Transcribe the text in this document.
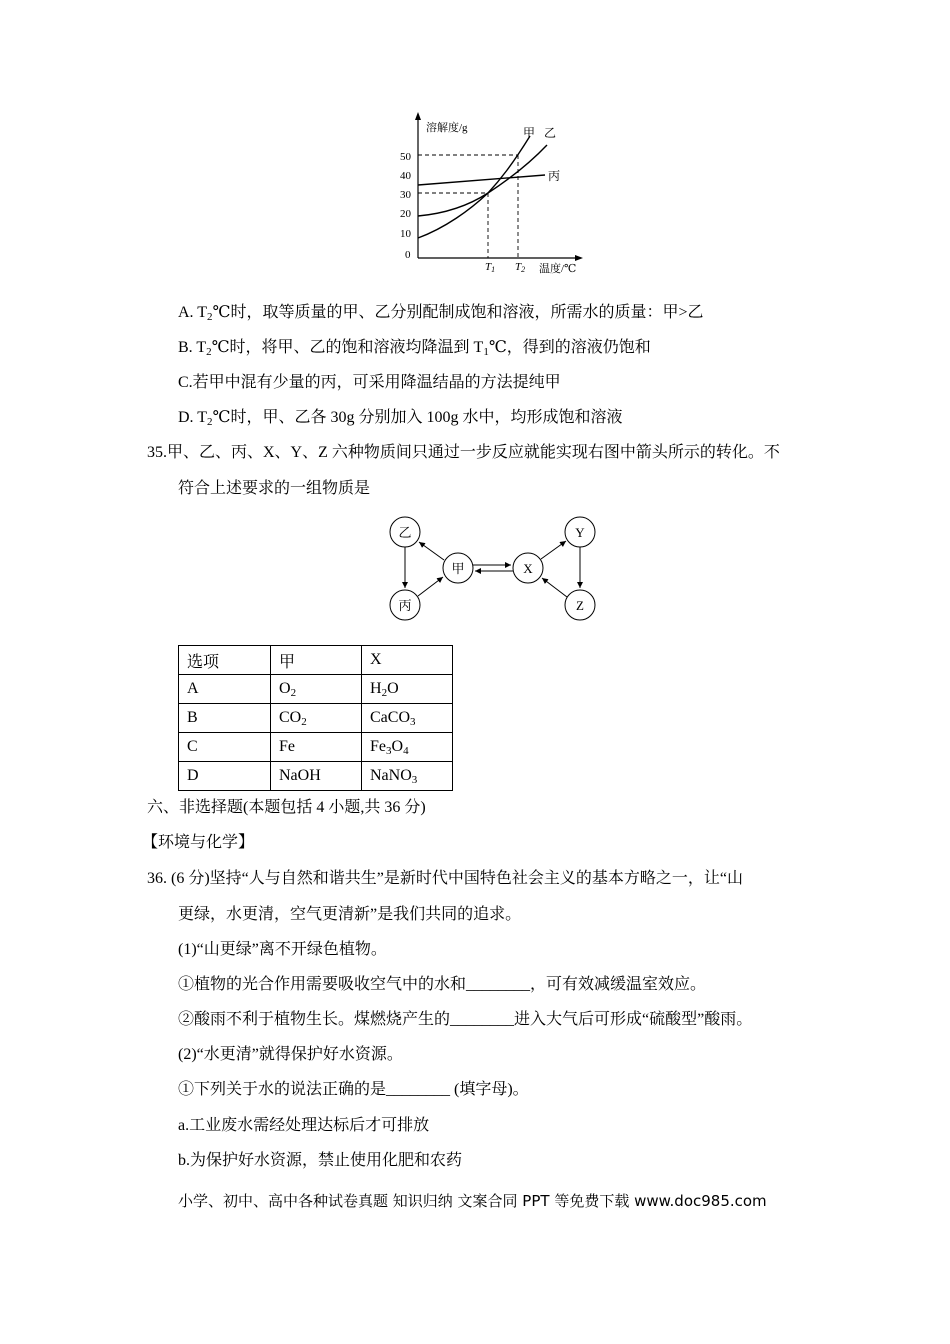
溶解度/g
温度/℃
50
40
30
20
10
0
甲 乙
丙
T1 T2
A. $T_2℃$时，取等质量的甲、乙分别配制成饱和溶液，所需水的质量：甲>乙
B. $T_2℃$时，将甲、乙的饱和溶液均降温到 $T_1℃$，得到的溶液仍饱和
C.若甲中混有少量的丙，可采用降温结晶的方法提纯甲
D. $T_2℃$时，甲、乙各 30g 分别加入 100g 水中，均形成饱和溶液
35.甲、乙、丙、X、Y、Z 六种物质间只通过一步反应就能实现右图中箭头所示的转化。不
符合上述要求的一组物质是
乙
甲
丙
X
Y
Z
选项	甲	X
A	$O_2$	$H_2O$
B	$CO_2$	CaCO$_3$
C	Fe	$Fe_3O_4$
D	NaOH	NaNO$_3$
六、非选择题(本题包括 4 小题,共 36 分)
【环境与化学】
36. (6 分)坚持“人与自然和谐共生”是新时代中国特色社会主义的基本方略之一，让“山
更绿，水更清，空气更清新”是我们共同的追求。
(1)“山更绿”离不开绿色植物。
①植物的光合作用需要吸收空气中的水和________，可有效减缓温室效应。
②酸雨不利于植物生长。煤燃烧产生的________进入大气后可形成“硫酸型”酸雨。
(2)“水更清”就得保护好水资源。
①下列关于水的说法正确的是________ (填字母)。
a.工业废水需经处理达标后才可排放
b.为保护好水资源，禁止使用化肥和农药
小学、初中、高中各种试卷真题 知识归纳 文案合同 PPT 等免费下载 www.doc985.com
